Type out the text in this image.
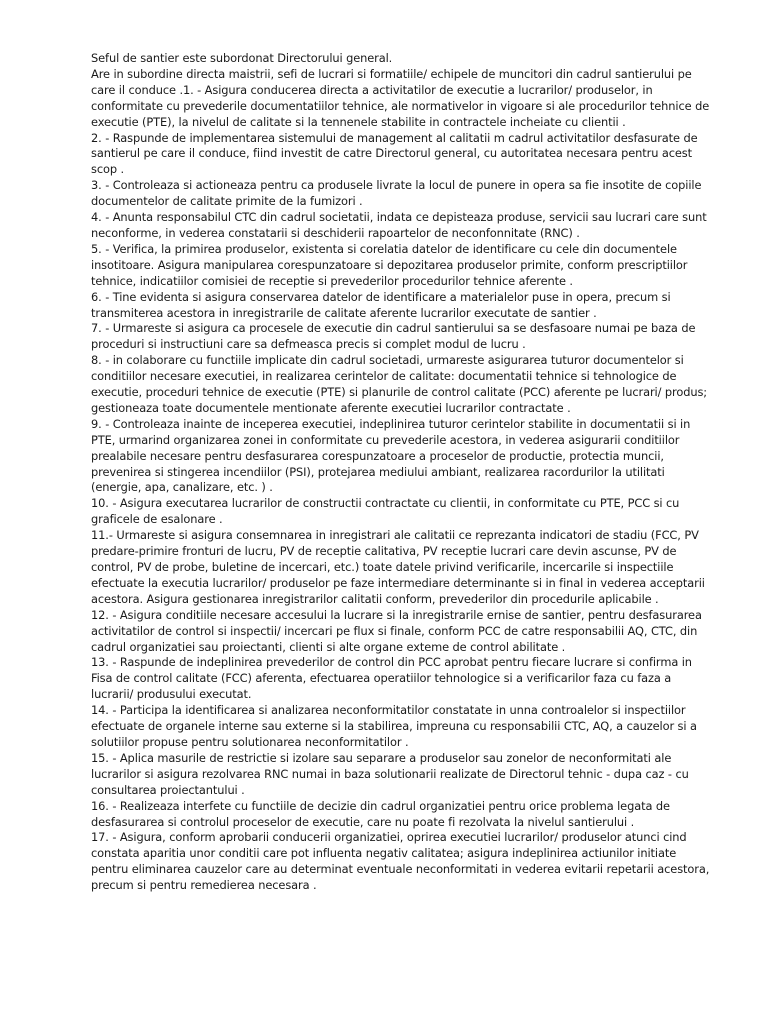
Seful de santier este subordonat Directorului general.

Are in subordine directa maistrii, sefi de lucrari si formatiile/ echipele de muncitori din cadrul santierului pe care il conduce .1. - Asigura conducerea directa a activitatilor de executie a lucrarilor/ produselor, in conformitate cu prevederile documentatiilor tehnice, ale normativelor in vigoare si ale procedurilor tehnice de executie (PTE), la nivelul de calitate si la tennenele stabilite in contractele incheiate cu clientii .

2. - Raspunde de implementarea sistemului de management al calitatii m cadrul activitatilor desfasurate de santierul pe care il conduce, fiind investit de catre Directorul general, cu autoritatea necesara pentru acest scop .

3. - Controleaza si actioneaza pentru ca produsele livrate la locul de punere in opera sa fie insotite de copiile documentelor de calitate primite de la fumizori .

4. - Anunta responsabilul CTC din cadrul societatii, indata ce depisteaza produse, servicii sau lucrari care sunt neconforme, in vederea constatarii si deschiderii rapoartelor de neconfonnitate (RNC) .

5. - Verifica, la primirea produselor, existenta si corelatia datelor de identificare cu cele din documentele insotitoare. Asigura manipularea corespunzatoare si depozitarea produselor primite, conform prescriptiilor tehnice, indicatiilor comisiei de receptie si prevederilor procedurilor tehnice aferente .

6. - Tine evidenta si asigura conservarea datelor de identificare a materialelor puse in opera, precum si transmiterea acestora in inregistrarile de calitate aferente lucrarilor executate de santier .

7. - Urmareste si asigura ca procesele de executie din cadrul santierului sa se desfasoare numai pe baza de proceduri si instructiuni care sa defmeasca precis si complet modul de lucru .

8. - in colaborare cu functiile implicate din cadrul societadi, urmareste asigurarea tuturor documentelor si conditiilor necesare executiei, in realizarea cerintelor de calitate: documentatii tehnice si tehnologice de executie, proceduri tehnice de executie (PTE) si planurile de control calitate (PCC) aferente pe lucrari/ produs; gestioneaza toate documentele mentionate aferente executiei lucrarilor contractate .

9. - Controleaza inainte de inceperea executiei, indeplinirea tuturor cerintelor stabilite in documentatii si in PTE, urmarind organizarea zonei in conformitate cu prevederile acestora, in vederea asigurarii conditiilor prealabile necesare pentru desfasurarea corespunzatoare a proceselor de productie, protectia muncii, prevenirea si stingerea incendiilor (PSI), protejarea mediului ambiant, realizarea racordurilor la utilitati (energie, apa, canalizare, etc. ) .

10. - Asigura executarea lucrarilor de constructii contractate cu clientii, in conformitate cu PTE, PCC si cu graficele de esalonare .

11.- Urmareste si asigura consemnarea in inregistrari ale calitatii ce reprezanta indicatori de stadiu (FCC, PV predare-primire fronturi de lucru, PV de receptie calitativa, PV receptie lucrari care devin ascunse, PV de control, PV de probe, buletine de incercari, etc.) toate datele privind verificarile, incercarile si inspectiile efectuate la executia lucrarilor/ produselor pe faze intermediare determinante si in final in vederea acceptarii acestora. Asigura gestionarea inregistrarilor calitatii conform, prevederilor din procedurile aplicabile .

12. - Asigura conditiile necesare accesului la lucrare si la inregistrarile ernise de santier, pentru desfasurarea activitatilor de control si inspectii/ incercari pe flux si finale, conform PCC de catre responsabilii AQ, CTC, din cadrul organizatiei sau proiectanti, clienti si alte organe exteme de control abilitate .

13. - Raspunde de indeplinirea prevederilor de control din PCC aprobat pentru fiecare lucrare si confirma in Fisa de control calitate (FCC) aferenta, efectuarea operatiilor tehnologice si a verificarilor faza cu faza a lucrarii/ produsului executat.

14. - Participa la identificarea si analizarea neconformitatilor constatate in unna controalelor si inspectiilor efectuate de organele interne sau externe si la stabilirea, impreuna cu responsabilii CTC, AQ, a cauzelor si a solutiilor propuse pentru solutionarea neconformitatilor .

15. - Aplica masurile de restrictie si izolare sau separare a produselor sau zonelor de neconformitati ale lucrarilor si asigura rezolvarea RNC numai in baza solutionarii realizate de Directorul tehnic - dupa caz - cu consultarea proiectantului .

16. - Realizeaza interfete cu functiile de decizie din cadrul organizatiei pentru orice problema legata de desfasurarea si controlul proceselor de executie, care nu poate fi rezolvata la nivelul santierului .

17. - Asigura, conform aprobarii conducerii organizatiei, oprirea executiei lucrarilor/ produselor atunci cind constata aparitia unor conditii care pot influenta negativ calitatea; asigura indeplinirea actiunilor initiate pentru eliminarea cauzelor care au determinat eventuale neconformitati in vederea evitarii repetarii acestora, precum si pentru remedierea necesara .
